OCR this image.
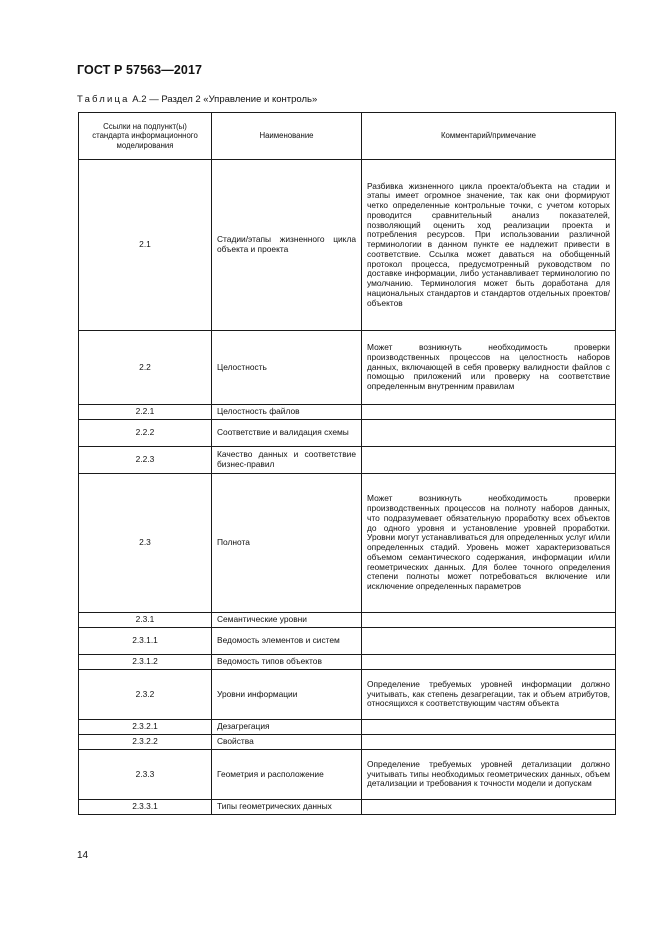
ГОСТ Р 57563—2017
Таблица А.2 — Раздел 2 «Управление и контроль»
Ссылки на подпункт(ы) стандарта информационного моделирования	Наименование	Комментарий/примечание
2.1	Стадии/этапы жизненного цикла объекта и проекта	Разбивка жизненного цикла проекта/объекта на стадии и этапы имеет огромное значение, так как они формируют четко определенные контрольные точки, с учетом которых проводится сравнительный анализ показателей, позволяющий оценить ход реализации проекта и потребления ресурсов. При использовании различной терминологии в данном пункте ее надлежит привести в соответствие. Ссылка может даваться на обобщенный протокол процесса, предусмотренный руководством по доставке информации, либо устанавливает терминологию по умолчанию. Терминология может быть доработана для национальных стандартов и стандартов отдельных проектов/объектов
2.2	Целостность	Может возникнуть необходимость проверки производственных процессов на целостность наборов данных, включающей в себя проверку валидности файлов с помощью приложений или проверку на соответствие определенным внутренним правилам
2.2.1	Целостность файлов	
2.2.2	Соответствие и валидация схемы	
2.2.3	Качество данных и соответствие бизнес-правил	
2.3	Полнота	Может возникнуть необходимость проверки производственных процессов на полноту наборов данных, что подразумевает обязательную проработку всех объектов до одного уровня и установление уровней проработки. Уровни могут устанавливаться для определенных услуг и/или определенных стадий. Уровень может характеризоваться объемом семантического содержания, информации и/или геометрических данных. Для более точного определения степени полноты может потребоваться включение или исключение определенных параметров
2.3.1	Семантические уровни	
2.3.1.1	Ведомость элементов и систем	
2.3.1.2	Ведомость типов объектов	
2.3.2	Уровни информации	Определение требуемых уровней информации должно учитывать, как степень дезагрегации, так и объем атрибутов, относящихся к соответствующим частям объекта
2.3.2.1	Дезагрегация	
2.3.2.2	Свойства	
2.3.3	Геометрия и расположение	Определение требуемых уровней детализации должно учитывать типы необходимых геометрических данных, объем детализации и требования к точности модели и допускам
2.3.3.1	Типы геометрических данных	
14
